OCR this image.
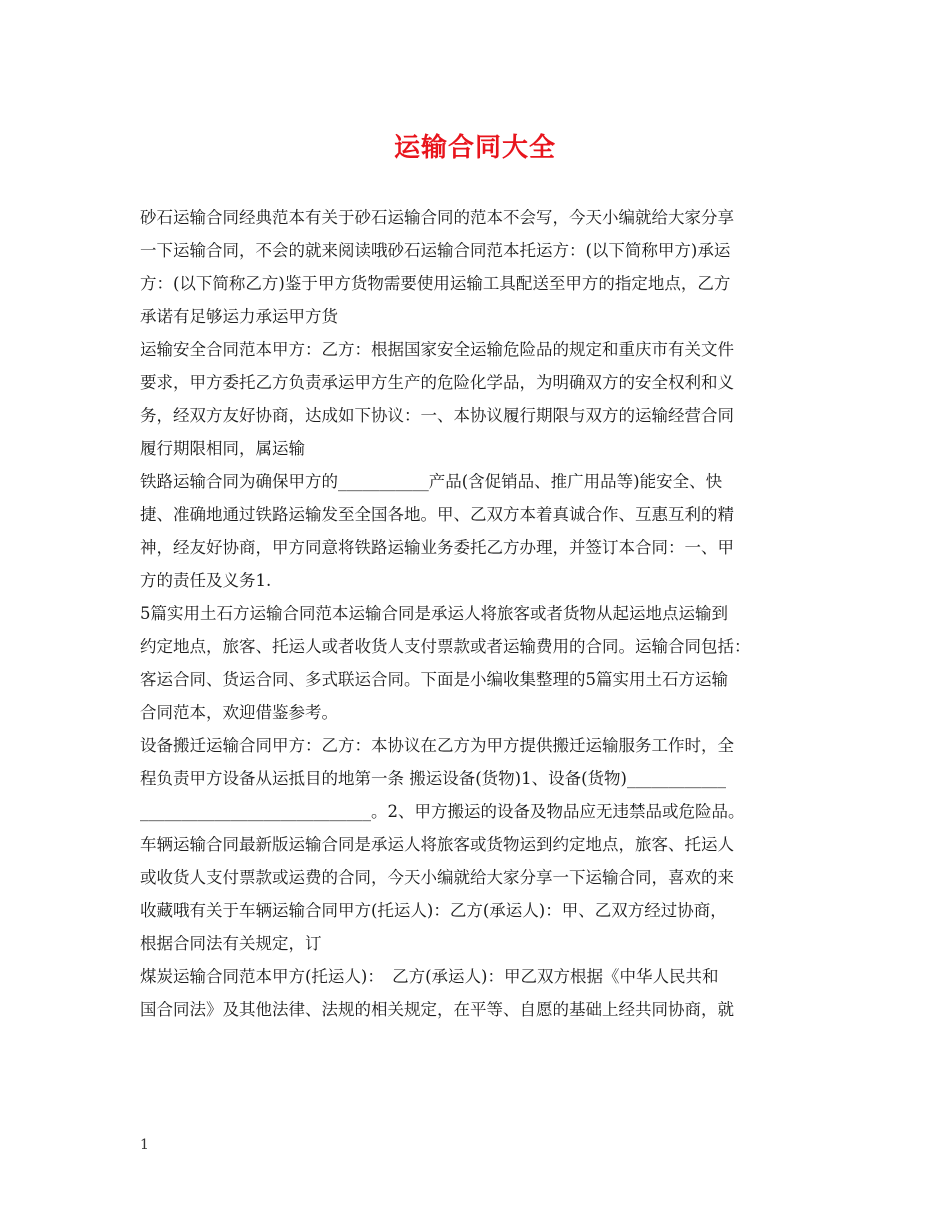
运输合同大全
砂石运输合同经典范本有关于砂石运输合同的范本不会写，今天小编就给大家分享
一下运输合同，不会的就来阅读哦砂石运输合同范本托运方：(以下简称甲方)承运
方：(以下简称乙方)鉴于甲方货物需要使用运输工具配送至甲方的指定地点，乙方
承诺有足够运力承运甲方货
运输安全合同范本甲方：乙方：根据国家安全运输危险品的规定和重庆市有关文件
要求，甲方委托乙方负责承运甲方生产的危险化学品，为明确双方的安全权利和义
务，经双方友好协商，达成如下协议：一、本协议履行期限与双方的运输经营合同
履行期限相同，属运输
铁路运输合同为确保甲方的___________产品(含促销品、推广用品等)能安全、快
捷、准确地通过铁路运输发至全国各地。甲、乙双方本着真诚合作、互惠互利的精
神，经友好协商，甲方同意将铁路运输业务委托乙方办理，并签订本合同：一、甲
方的责任及义务1.
5篇实用土石方运输合同范本运输合同是承运人将旅客或者货物从起运地点运输到
约定地点，旅客、托运人或者收货人支付票款或者运输费用的合同。运输合同包括：
客运合同、货运合同、多式联运合同。下面是小编收集整理的5篇实用土石方运输
合同范本，欢迎借鉴参考。
设备搬迁运输合同甲方：乙方：本协议在乙方为甲方提供搬迁运输服务工作时，全
程负责甲方设备从运抵目的地第一条 搬运设备(货物)1、设备(货物)____________
____________________________。2、甲方搬运的设备及物品应无违禁品或危险品。
车辆运输合同最新版运输合同是承运人将旅客或货物运到约定地点，旅客、托运人
或收货人支付票款或运费的合同，今天小编就给大家分享一下运输合同，喜欢的来
收藏哦有关于车辆运输合同甲方(托运人)：乙方(承运人)：甲、乙双方经过协商，
根据合同法有关规定，订
煤炭运输合同范本甲方(托运人)：　乙方(承运人)：甲乙双方根据《中华人民共和
国合同法》及其他法律、法规的相关规定，在平等、自愿的基础上经共同协商，就
1
